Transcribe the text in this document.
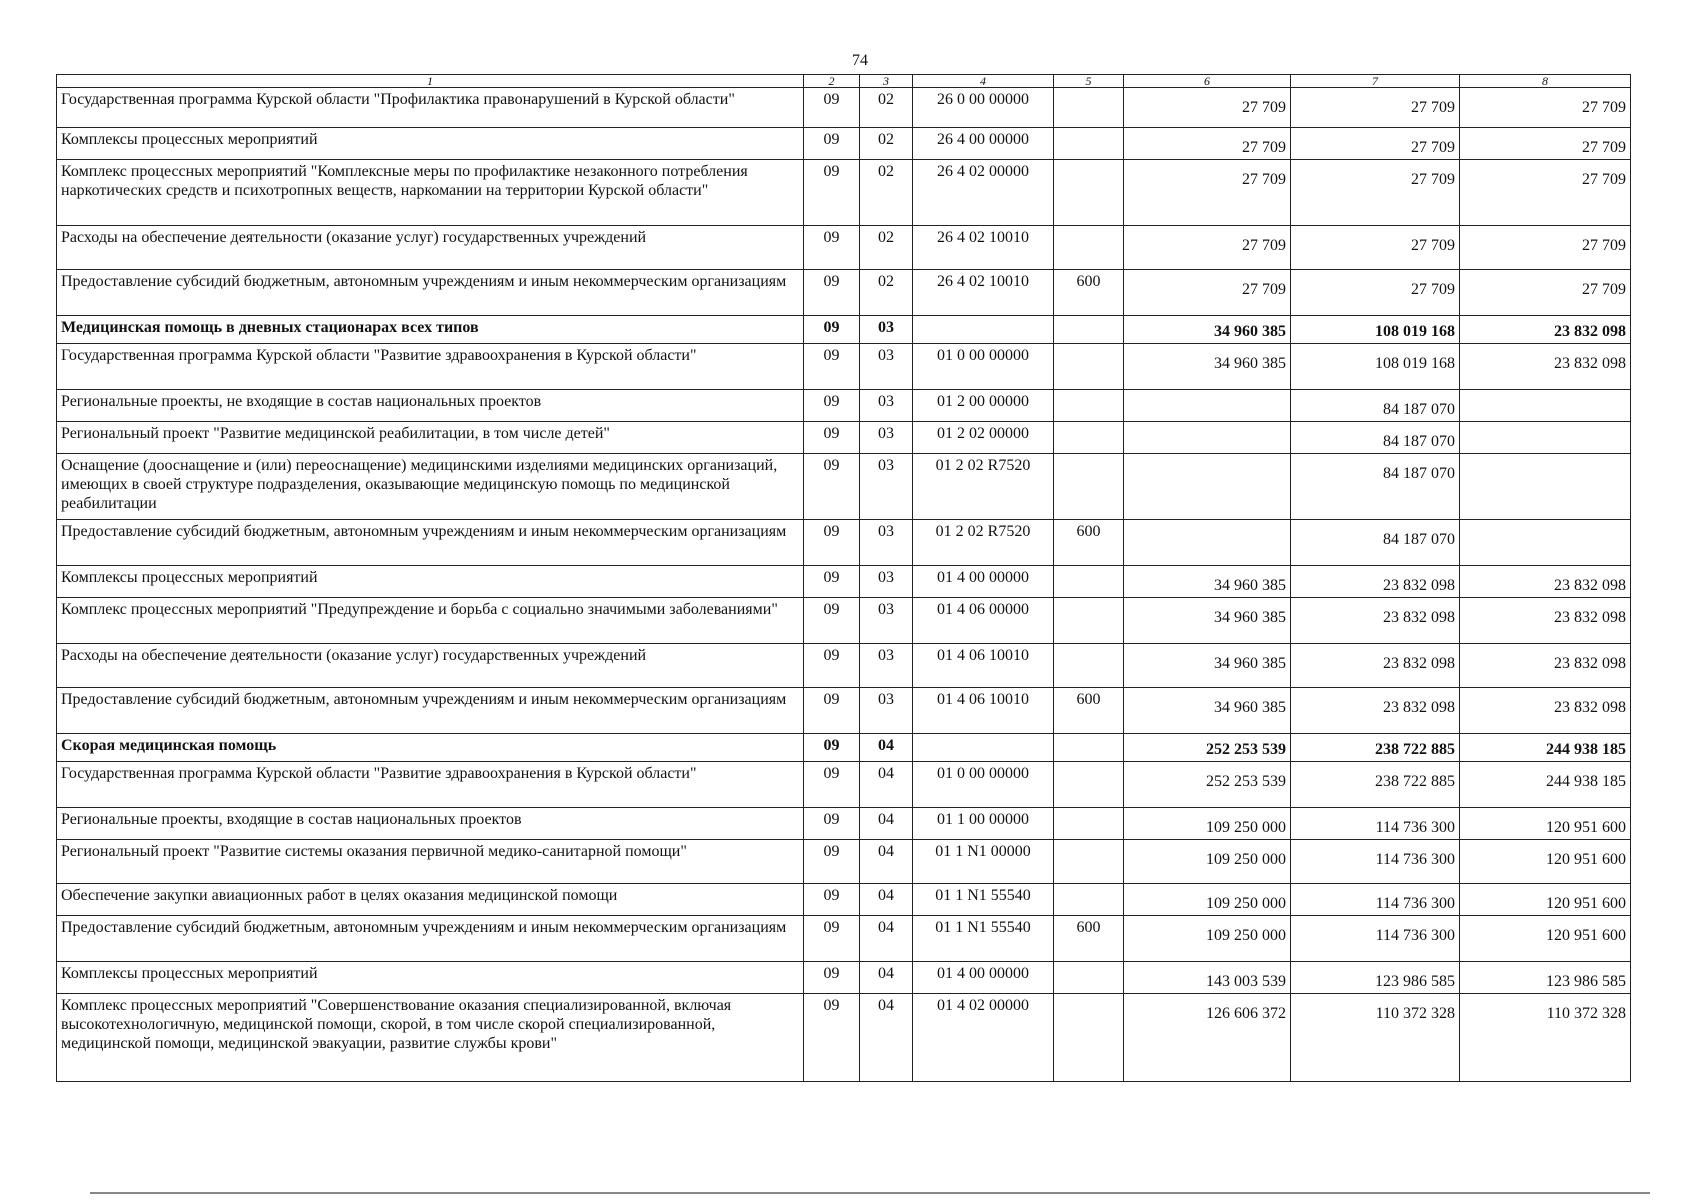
74
1	2	3	4	5	6	7	8
Государственная программа Курской области "Профилактика правонарушений в Курской области"	09	02	26 0 00 00000		27 709	27 709	27 709
Комплексы процессных мероприятий	09	02	26 4 00 00000		27 709	27 709	27 709
Комплекс процессных мероприятий "Комплексные меры по профилактике незаконного потребления наркотических средств и психотропных веществ, наркомании на территории Курской области"	09	02	26 4 02 00000		27 709	27 709	27 709
Расходы на обеспечение деятельности (оказание услуг) государственных учреждений	09	02	26 4 02 10010		27 709	27 709	27 709
Предоставление субсидий бюджетным, автономным учреждениям и иным некоммерческим организациям	09	02	26 4 02 10010	600	27 709	27 709	27 709
Медицинская помощь в дневных стационарах всех типов	09	03			34 960 385	108 019 168	23 832 098
Государственная программа Курской области "Развитие здравоохранения в Курской области"	09	03	01 0 00 00000		34 960 385	108 019 168	23 832 098
Региональные проекты, не входящие в состав национальных проектов	09	03	01 2 00 00000			84 187 070	
Региональный проект "Развитие медицинской реабилитации, в том числе детей"	09	03	01 2 02 00000			84 187 070	
Оснащение (дооснащение и (или) переоснащение) медицинскими изделиями медицинских организаций, имеющих в своей структуре подразделения, оказывающие медицинскую помощь по медицинской реабилитации	09	03	01 2 02 R7520			84 187 070	
Предоставление субсидий бюджетным, автономным учреждениям и иным некоммерческим организациям	09	03	01 2 02 R7520	600		84 187 070	
Комплексы процессных мероприятий	09	03	01 4 00 00000		34 960 385	23 832 098	23 832 098
Комплекс процессных мероприятий "Предупреждение и борьба с социально значимыми заболеваниями"	09	03	01 4 06 00000		34 960 385	23 832 098	23 832 098
Расходы на обеспечение деятельности (оказание услуг) государственных учреждений	09	03	01 4 06 10010		34 960 385	23 832 098	23 832 098
Предоставление субсидий бюджетным, автономным учреждениям и иным некоммерческим организациям	09	03	01 4 06 10010	600	34 960 385	23 832 098	23 832 098
Скорая медицинская помощь	09	04			252 253 539	238 722 885	244 938 185
Государственная программа Курской области "Развитие здравоохранения в Курской области"	09	04	01 0 00 00000		252 253 539	238 722 885	244 938 185
Региональные проекты, входящие в состав национальных проектов	09	04	01 1 00 00000		109 250 000	114 736 300	120 951 600
Региональный проект "Развитие системы оказания первичной медико-санитарной помощи"	09	04	01 1 N1 00000		109 250 000	114 736 300	120 951 600
Обеспечение закупки авиационных работ в целях оказания медицинской помощи	09	04	01 1 N1 55540		109 250 000	114 736 300	120 951 600
Предоставление субсидий бюджетным, автономным учреждениям и иным некоммерческим организациям	09	04	01 1 N1 55540	600	109 250 000	114 736 300	120 951 600
Комплексы процессных мероприятий	09	04	01 4 00 00000		143 003 539	123 986 585	123 986 585
Комплекс процессных мероприятий "Совершенствование оказания специализированной, включая высокотехнологичную, медицинской помощи, скорой, в том числе скорой специализированной, медицинской помощи, медицинской эвакуации, развитие службы крови"	09	04	01 4 02 00000		126 606 372	110 372 328	110 372 328
